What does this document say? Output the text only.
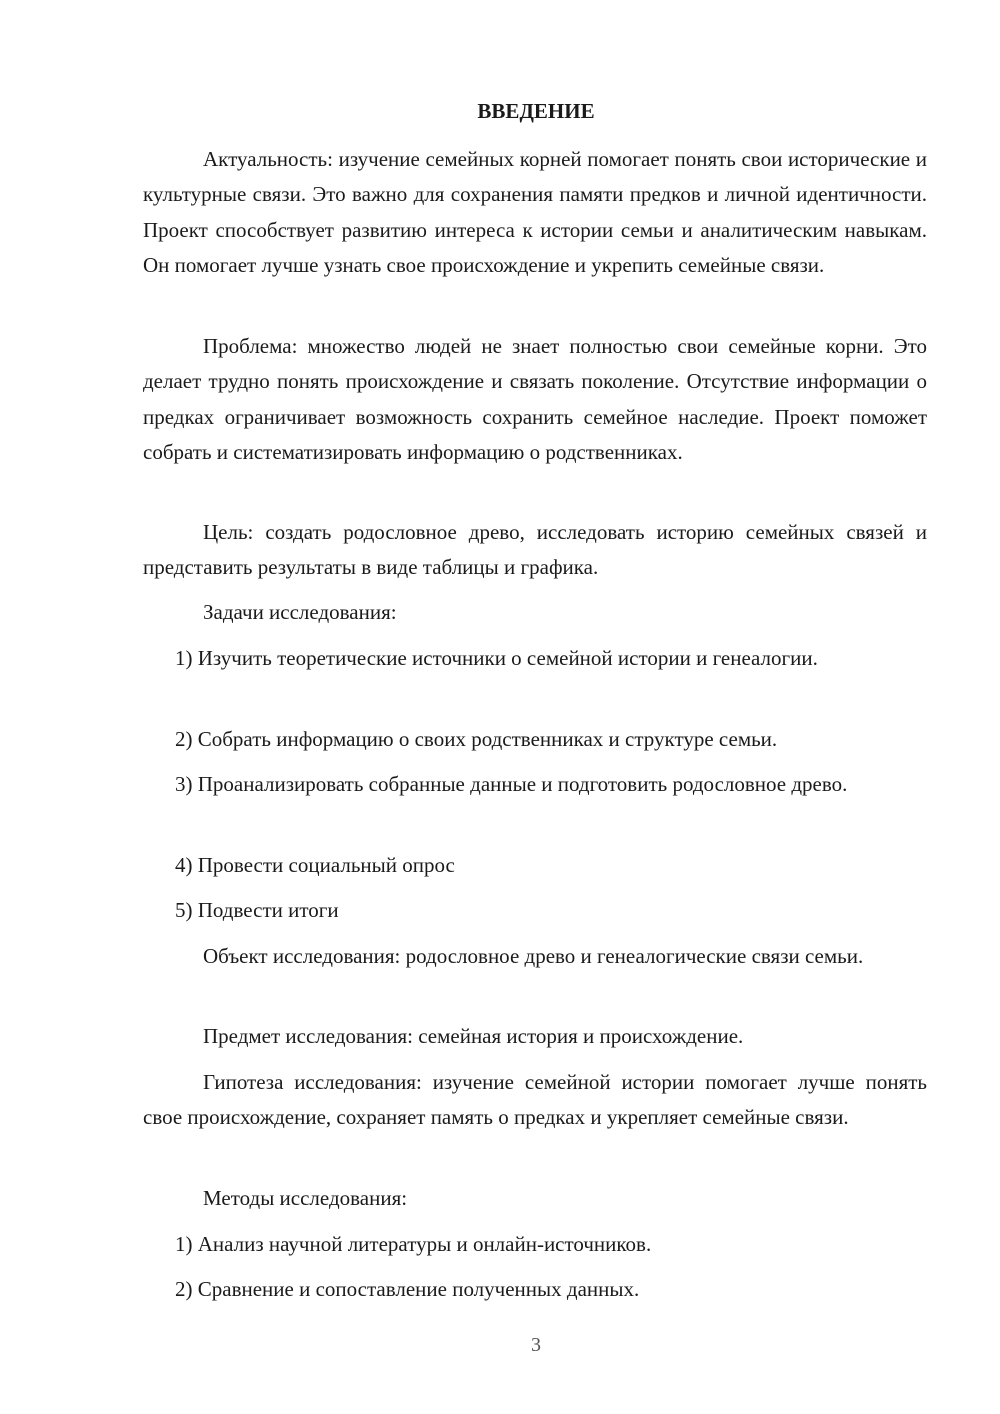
ВВЕДЕНИЕ

Актуальность: изучение семейных корней помогает понять свои исторические и культурные связи. Это важно для сохранения памяти предков и личной идентичности. Проект способствует развитию интереса к истории семьи и аналитическим навыкам. Он помогает лучше узнать свое происхождение и укрепить семейные связи.

Проблема: множество людей не знает полностью свои семейные корни. Это делает трудно понять происхождение и связать поколение. Отсутствие информации о предках ограничивает возможность сохранить семейное наследие. Проект поможет собрать и систематизировать информацию о родственниках.

Цель: создать родословное древо, исследовать историю семейных связей и представить результаты в виде таблицы и графика.

Задачи исследования:

1) Изучить теоретические источники о семейной истории и генеалогии.

2) Собрать информацию о своих родственниках и структуре семьи.

3) Проанализировать собранные данные и подготовить родословное древо.

4) Провести социальный опрос

5) Подвести итоги

Объект исследования: родословное древо и генеалогические связи семьи.

Предмет исследования: семейная история и происхождение.

Гипотеза исследования: изучение семейной истории помогает лучше понять свое происхождение, сохраняет память о предках и укрепляет семейные связи.

Методы исследования:

1) Анализ научной литературы и онлайн-источников.

2) Сравнение и сопоставление полученных данных.

3
